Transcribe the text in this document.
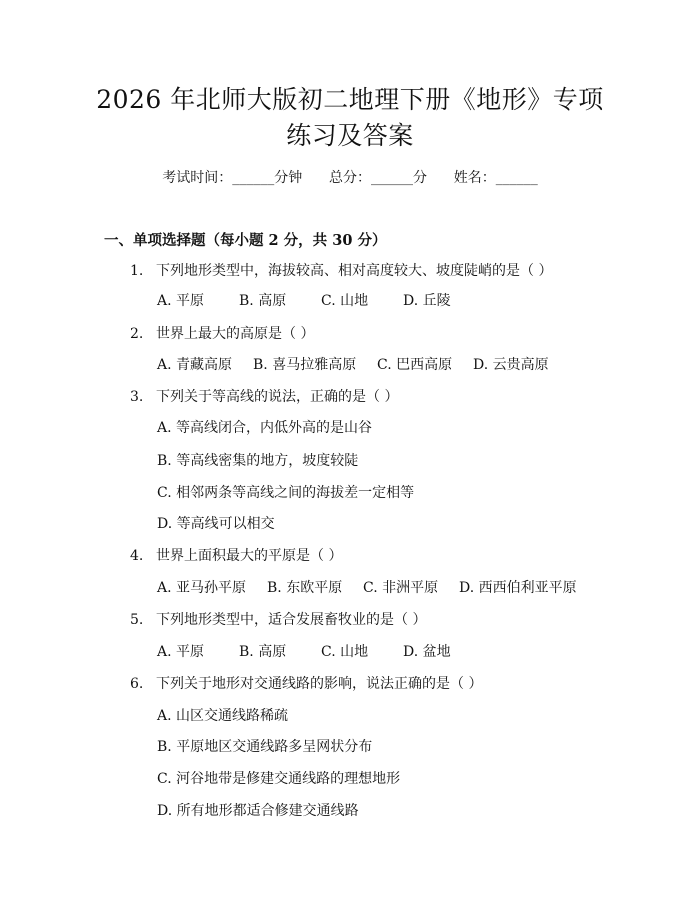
2026 年北师大版初二地理下册《地形》专项
练习及答案
考试时间：______分钟      总分：______分      姓名：______
一、单项选择题（每小题 2 分，共 30 分）
1. 下列地形类型中，海拔较高、相对高度较大、坡度陡峭的是（ ）
A. 平原 B. 高原 C. 山地 D. 丘陵
2. 世界上最大的高原是（ ）
A. 青藏高原 B. 喜马拉雅高原 C. 巴西高原 D. 云贵高原
3. 下列关于等高线的说法，正确的是（ ）
A. 等高线闭合，内低外高的是山谷
B. 等高线密集的地方，坡度较陡
C. 相邻两条等高线之间的海拔差一定相等
D. 等高线可以相交
4. 世界上面积最大的平原是（ ）
A. 亚马孙平原 B. 东欧平原 C. 非洲平原 D. 西西伯利亚平原
5. 下列地形类型中，适合发展畜牧业的是（ ）
A. 平原 B. 高原 C. 山地 D. 盆地
6. 下列关于地形对交通线路的影响，说法正确的是（ ）
A. 山区交通线路稀疏
B. 平原地区交通线路多呈网状分布
C. 河谷地带是修建交通线路的理想地形
D. 所有地形都适合修建交通线路
